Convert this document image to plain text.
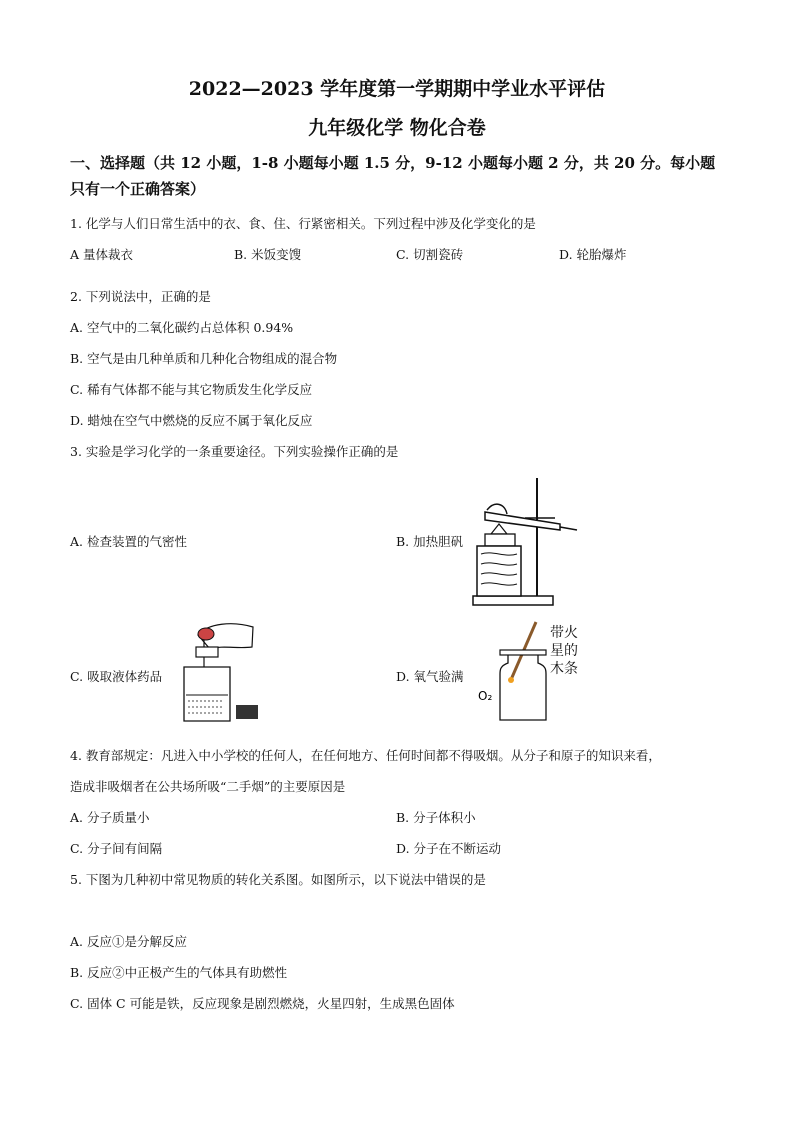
2022—2023 学年度第一学期期中学业水平评估
九年级化学 物化合卷
一、选择题（共 12 小题，1-8 小题每小题 1.5 分，9-12 小题每小题 2 分，共 20 分。每小题
只有一个正确答案）
1. 化学与人们日常生活中的衣、食、住、行紧密相关。下列过程中涉及化学变化的是
A 量体裁衣	B. 米饭变馊	C. 切割瓷砖	D. 轮胎爆炸
2. 下列说法中，正确的是
A. 空气中的二氧化碳约占总体积 0.94%
B. 空气是由几种单质和几种化合物组成的混合物
C. 稀有气体都不能与其它物质发生化学反应
D. 蜡烛在空气中燃烧的反应不属于氧化反应
3. 实验是学习化学的一条重要途径。下列实验操作正确的是
A. 检查装置的气密性	B. 加热胆矾
C. 吸取液体药品	D. 氧气验满
O₂
带火星的木条
4. 教育部规定：凡进入中小学校的任何人，在任何地方、任何时间都不得吸烟。从分子和原子的知识来看，
造成非吸烟者在公共场所吸“二手烟”的主要原因是
A. 分子质量小	B. 分子体积小
C. 分子间有间隔	D. 分子在不断运动
5. 下图为几种初中常见物质的转化关系图。如图所示，以下说法中错误的是
A. 反应①是分解反应
B. 反应②中正极产生的气体具有助燃性
C. 固体 C 可能是铁，反应现象是剧烈燃烧，火星四射，生成黑色固体
